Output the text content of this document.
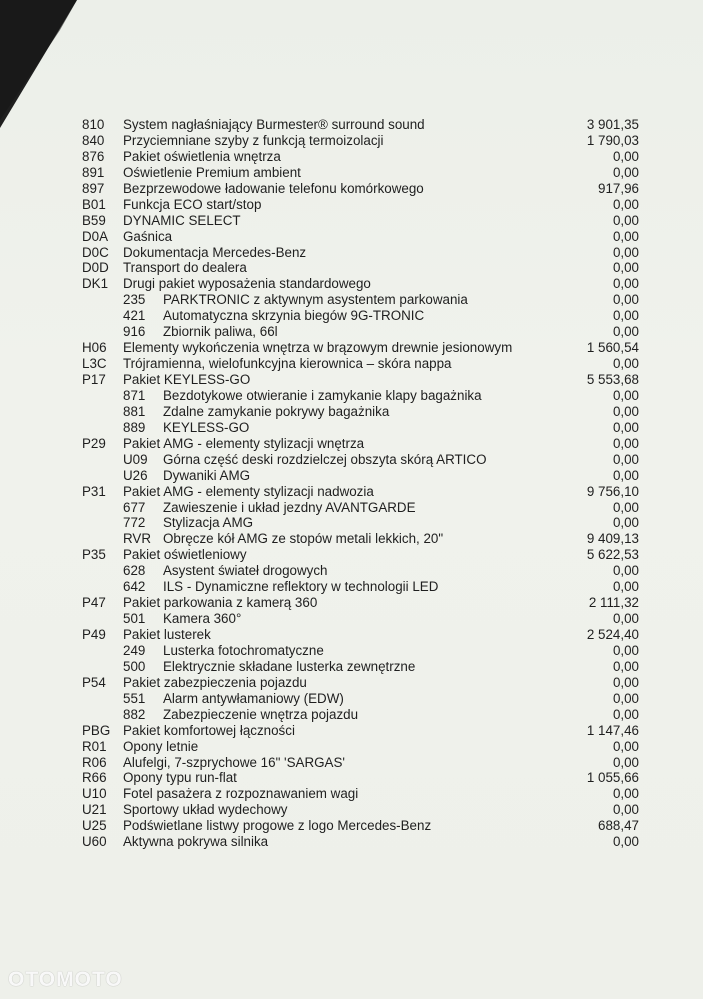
810 System nagłaśniający Burmester® surround sound	3 901,35
840 Przyciemniane szyby z funkcją termoizolacji	1 790,03
876 Pakiet oświetlenia wnętrza	0,00
891 Oświetlenie Premium ambient	0,00
897 Bezprzewodowe ładowanie telefonu komórkowego	917,96
B01 Funkcja ECO start/stop	0,00
B59 DYNAMIC SELECT	0,00
D0A Gaśnica	0,00
D0C Dokumentacja Mercedes-Benz	0,00
D0D Transport do dealera	0,00
DK1 Drugi pakiet wyposażenia standardowego	0,00
235 PARKTRONIC z aktywnym asystentem parkowania	0,00
421 Automatyczna skrzynia biegów 9G-TRONIC	0,00
916 Zbiornik paliwa, 66l	0,00
H06 Elementy wykończenia wnętrza w brązowym drewnie jesionowym	1 560,54
L3C Trójramienna, wielofunkcyjna kierownica – skóra nappa	0,00
P17 Pakiet KEYLESS-GO	5 553,68
871 Bezdotykowe otwieranie i zamykanie klapy bagażnika	0,00
881 Zdalne zamykanie pokrywy bagażnika	0,00
889 KEYLESS-GO	0,00
P29 Pakiet AMG - elementy stylizacji wnętrza	0,00
U09 Górna część deski rozdzielczej obszyta skórą ARTICO	0,00
U26 Dywaniki AMG	0,00
P31 Pakiet AMG - elementy stylizacji nadwozia	9 756,10
677 Zawieszenie i układ jezdny AVANTGARDE	0,00
772 Stylizacja AMG	0,00
RVR Obręcze kół AMG ze stopów metali lekkich, 20"	9 409,13
P35 Pakiet oświetleniowy	5 622,53
628 Asystent świateł drogowych	0,00
642 ILS - Dynamiczne reflektory w technologii LED	0,00
P47 Pakiet parkowania z kamerą 360	2 111,32
501 Kamera 360°	0,00
P49 Pakiet lusterek	2 524,40
249 Lusterka fotochromatyczne	0,00
500 Elektrycznie składane lusterka zewnętrzne	0,00
P54 Pakiet zabezpieczenia pojazdu	0,00
551 Alarm antywłamaniowy (EDW)	0,00
882 Zabezpieczenie wnętrza pojazdu	0,00
PBG Pakiet komfortowej łączności	1 147,46
R01 Opony letnie	0,00
R06 Alufelgi, 7-szprychowe 16" 'SARGAS'	0,00
R66 Opony typu run-flat	1 055,66
U10 Fotel pasażera z rozpoznawaniem wagi	0,00
U21 Sportowy układ wydechowy	0,00
U25 Podświetlane listwy progowe z logo Mercedes-Benz	688,47
U60 Aktywna pokrywa silnika	0,00
OTOMOTO
